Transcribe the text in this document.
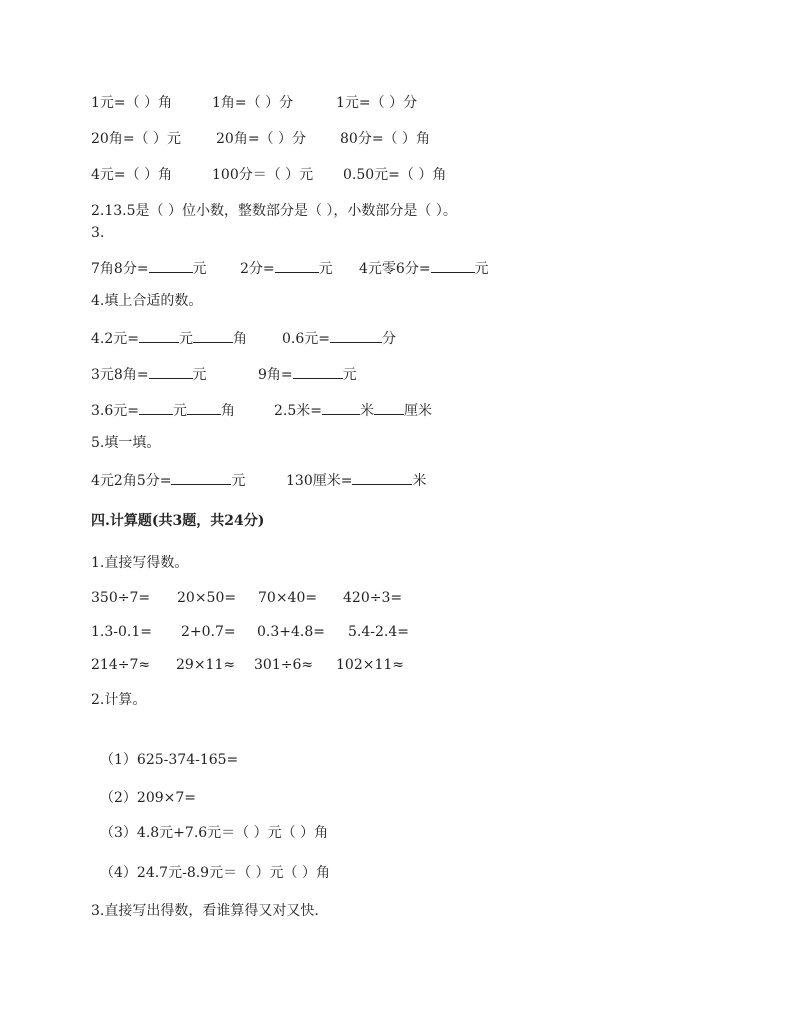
1元=（ ）角	1角=（ ）分	1元=（ ）分
20角=（ ）元	20角=（ ）分 80分=（ ）角
4元=（ ）角	100分＝（ ）元 0.50元=（ ）角
2.13.5是（ ）位小数，整数部分是（ ），小数部分是（ ）。
3.
7角8分=	元 2分=	元 4元零6分=	元
4.填上合适的数。
4.2元=	元	角	0.6元=	分
3元8角=	元	9角=	元
3.6元= 元 角	2.5米=	米 厘米
5.填一填。
4元2角5分=	元	130厘米=	米
四.计算题(共3题，共24分)
1.直接写得数。
350÷7= 20×50= 70×40= 420÷3=
1.3-0.1= 2+0.7= 0.3+4.8= 5.4-2.4=
214÷7≈ 29×11≈ 301÷6≈ 102×11≈
2.计算。
（1）625-374-165=
（2）209×7=
（3）4.8元+7.6元＝（ ）元（ ）角
（4）24.7元-8.9元＝（ ）元（ ）角
3.直接写出得数，看谁算得又对又快.
